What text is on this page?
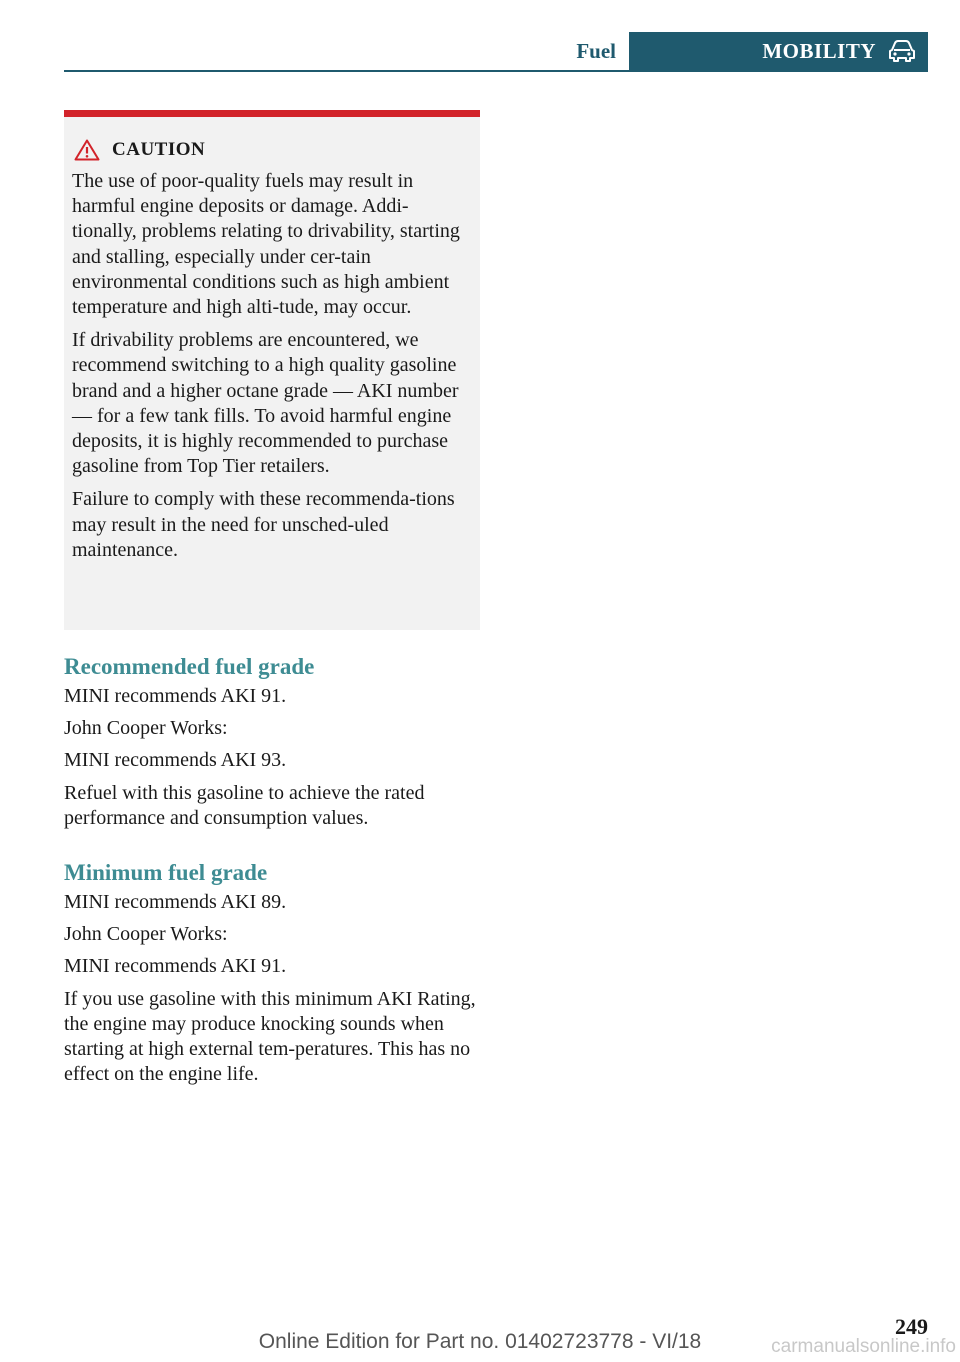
Fuel	MOBILITY
CAUTION

The use of poor-quality fuels may result in harmful engine deposits or damage. Addi-tionally, problems relating to drivability, starting and stalling, especially under cer-tain environmental conditions such as high ambient temperature and high alti-tude, may occur.

If drivability problems are encountered, we recommend switching to a high quality gasoline brand and a higher octane grade — AKI number — for a few tank fills. To avoid harmful engine deposits, it is highly recommended to purchase gasoline from Top Tier retailers.

Failure to comply with these recommenda-tions may result in the need for unsched-uled maintenance.

Recommended fuel grade

MINI recommends AKI 91.

John Cooper Works:

MINI recommends AKI 93.

Refuel with this gasoline to achieve the rated performance and consumption values.

Minimum fuel grade

MINI recommends AKI 89.

John Cooper Works:

MINI recommends AKI 91.

If you use gasoline with this minimum AKI Rating, the engine may produce knocking sounds when starting at high external tem-peratures. This has no effect on the engine life.

249
Online Edition for Part no. 01402723778 - VI/18	carmanualsonline.info
